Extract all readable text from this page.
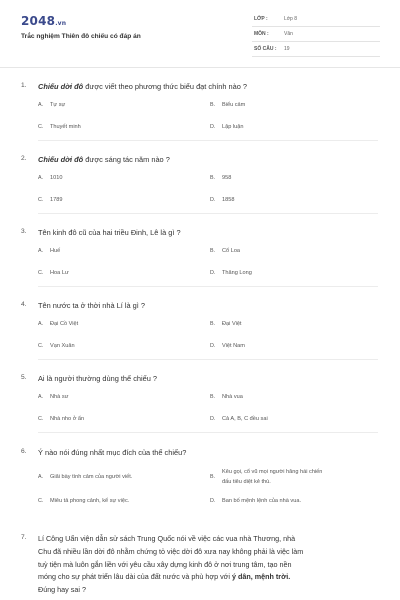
2048.vn
Trắc nghiệm Thiên đô chiếu có đáp án
LỚP :	Lớp 8
MÔN :	Văn
SỐ CÂU : 19
1. Chiếu dời đô được viết theo phương thức biểu đạt chính nào ?
A. Tự sự	B. Biểu cảm
C. Thuyết minh	D. Lập luận
2. Chiếu dời đô được sáng tác năm nào ?
A. 1010	B. 958
C. 1789	D. 1858
3. Tên kinh đô cũ của hai triều Đinh, Lê là gì ?
A. Huế	B. Cổ Loa
C. Hoa Lư	D. Thăng Long
4. Tên nước ta ở thời nhà Lí là gì ?
A. Đại Cồ Việt	B. Đại Việt
C. Vạn Xuân	D. Việt Nam
5. Ai là người thường dùng thể chiếu ?
A. Nhà sư	B. Nhà vua
C. Nhà nho ở ẩn	D. Cả A, B, C đều sai
6. Ý nào nói đúng nhất mục đích của thể chiếu?
A. Giãi bày tình cảm của người viết.	B.
Kêu gọi, cổ vũ mọi người hăng hái chiến
đấu tiêu diệt kẻ thù.
C. Miêu tả phong cảnh, kể sự việc.	D. Ban bố mệnh lệnh của nhà vua.
7. Lí Công Uẩn viện dẫn sử sách Trung Quốc nói về việc các vua nhà Thương, nhà
Chu đã nhiều lần dời đô nhằm chứng tỏ việc dời đô xưa nay không phải là việc làm
tuỳ tiện mà luôn gắn liền với yêu cầu xây dựng kinh đô ở nơi trung tâm, tạo nền
móng cho sự phát triển lâu dài của đất nước và phù hợp với ý dân, mệnh trời.
Đúng hay sai ?
